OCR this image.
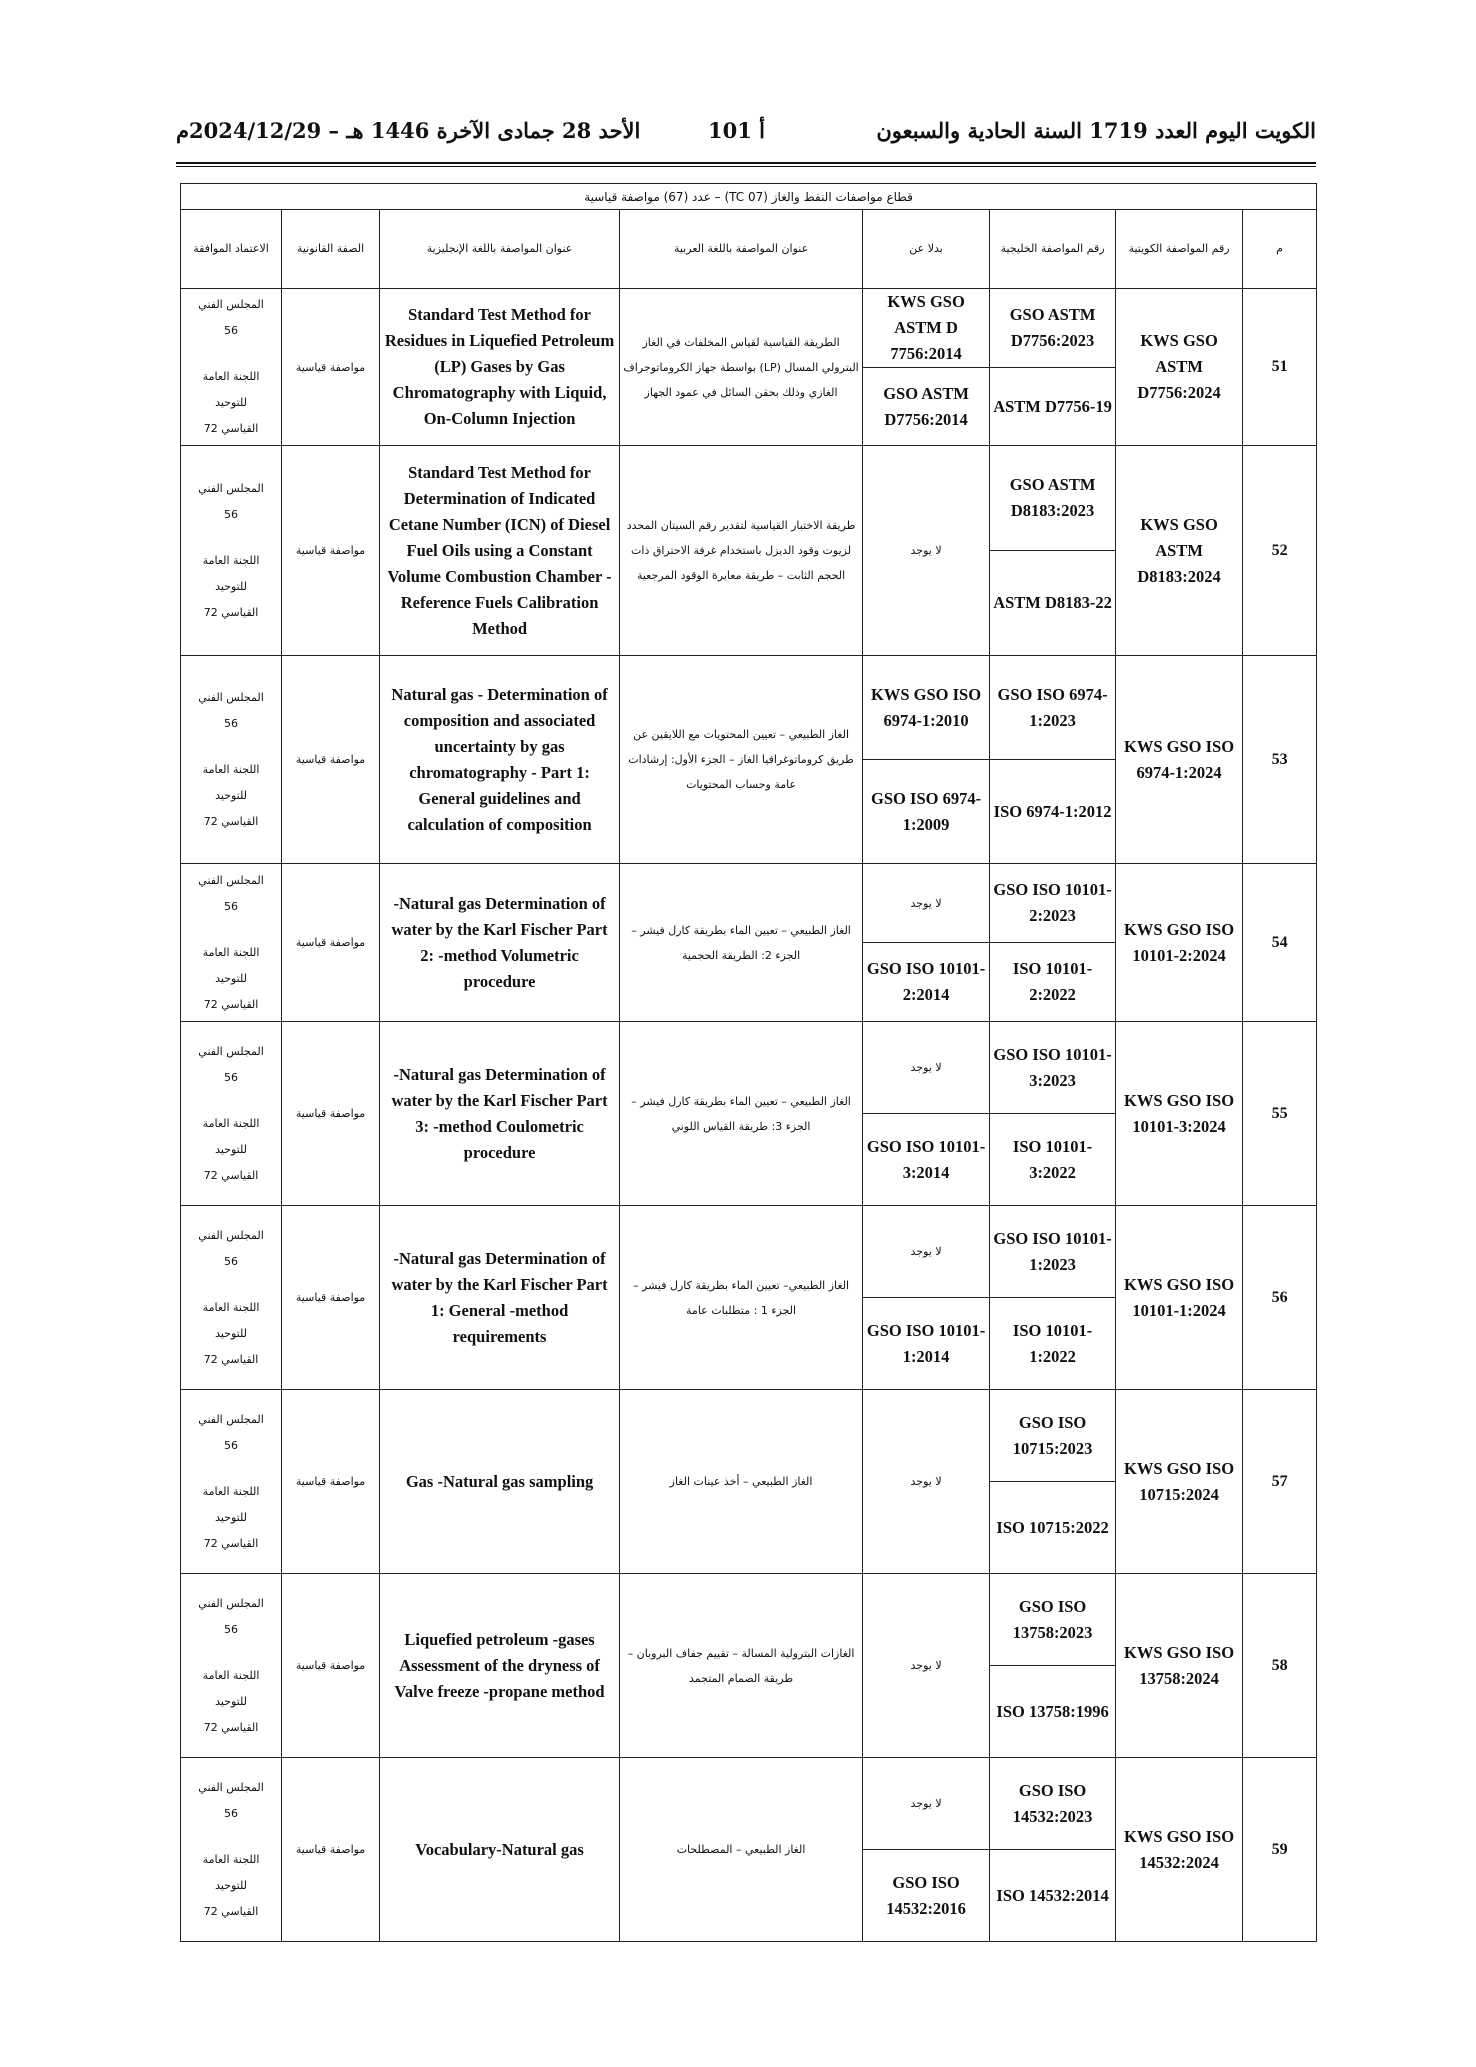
الكويت اليوم العدد 1719 السنة الحادية والسبعون
أ 101
الأحد 28 جمادى الآخرة 1446 هـ – 2024/12/29م
قطاع مواصفات النفط والغاز (TC 07) – عدد (67) مواصفة قياسية							
م	رقم المواصفة الكويتية	رقم المواصفة الخليجية	بدلا عن	عنوان المواصفة باللغة العربية	عنوان المواصفة باللغة الإنجليزية	الصفة القانونية	الاعتماد الموافقة
51	KWS GSO ASTM D7756:2024	GSO ASTM D7756:2023	KWS GSO ASTM D 7756:2014	الطريقة القياسية لقياس المخلفات في الغاز البترولي المسال (LP) بواسطة جهاز الكروماتوجراف الغازي وذلك بحقن السائل في عمود الجهاز	Standard Test Method for Residues in Liquefied Petroleum (LP) Gases by Gas Chromatography with Liquid, On-Column Injection	مواصفة قياسية	المجلس الفني
56
اللجنة العامة
للتوحيد
القياسي 72

		ASTM D7756-19	GSO ASTM D7756:2014				
52	KWS GSO ASTM D8183:2024	GSO ASTM D8183:2023	لا يوجد	طريقة الاختبار القياسية لتقدير رقم السيتان المحدد لزيوت وقود الديزل باستخدام غرفة الاحتراق ذات الحجم الثابت – طريقة معايرة الوقود المرجعية	Standard Test Method for Determination of Indicated Cetane Number (ICN) of Diesel Fuel Oils using a Constant Volume Combustion Chamber - Reference Fuels Calibration Method	مواصفة قياسية	المجلس الفني
56
اللجنة العامة
للتوحيد
القياسي 72

		ASTM D8183-22					
53	KWS GSO ISO 6974-1:2024	GSO ISO 6974-1:2023	KWS GSO ISO 6974-1:2010	الغاز الطبيعي – تعيين المحتويات مع اللايقين عن طريق كروماتوغرافيا الغاز – الجزء الأول: إرشادات عامة وحساب المحتويات	Natural gas - Determination of composition and associated uncertainty by gas chromatography - Part 1: General guidelines and calculation of composition	مواصفة قياسية	المجلس الفني
56
اللجنة العامة
للتوحيد
القياسي 72

		ISO 6974-1:2012	GSO ISO 6974-1:2009				
54	KWS GSO ISO 10101-2:2024	GSO ISO 10101-2:2023	لا يوجد	الغاز الطبيعي – تعيين الماء بطريقة كارل فيشر – الجزء 2: الطريقة الحجمية	-Natural gas Determination of water by the Karl Fischer Part 2: -method Volumetric procedure	مواصفة قياسية	المجلس الفني
56
اللجنة العامة
للتوحيد
القياسي 72

		ISO 10101-2:2022	GSO ISO 10101-2:2014				
55	KWS GSO ISO 10101-3:2024	GSO ISO 10101-3:2023	لا يوجد	الغاز الطبيعي – تعيين الماء بطريقة كارل فيشر – الجزء 3: طريقة القياس اللوني	-Natural gas Determination of water by the Karl Fischer Part 3: -method Coulometric procedure	مواصفة قياسية	المجلس الفني
56
اللجنة العامة
للتوحيد
القياسي 72

		ISO 10101-3:2022	GSO ISO 10101-3:2014				
56	KWS GSO ISO 10101-1:2024	GSO ISO 10101-1:2023	لا يوجد	الغاز الطبيعي– تعيين الماء بطريقة كارل فيشر – الجزء 1 : متطلبات عامة	-Natural gas Determination of water by the Karl Fischer Part 1: General -method requirements	مواصفة قياسية	المجلس الفني
56
اللجنة العامة
للتوحيد
القياسي 72

		ISO 10101-1:2022	GSO ISO 10101-1:2014				
57	KWS GSO ISO 10715:2024	GSO ISO 10715:2023	لا يوجد	الغاز الطبيعي – أخذ عينات الغاز	Gas -Natural gas sampling	مواصفة قياسية	المجلس الفني
56
اللجنة العامة
للتوحيد
القياسي 72

		ISO 10715:2022					
58	KWS GSO ISO 13758:2024	GSO ISO 13758:2023	لا يوجد	الغازات البترولية المسالة – تقييم جفاف البروبان – طريقة الصمام المتجمد	Liquefied petroleum -gases Assessment of the dryness of Valve freeze -propane method	مواصفة قياسية	المجلس الفني
56
اللجنة العامة
للتوحيد
القياسي 72

		ISO 13758:1996					
59	KWS GSO ISO 14532:2024	GSO ISO 14532:2023	لا يوجد	الغاز الطبيعي – المصطلحات	Vocabulary-Natural gas	مواصفة قياسية	المجلس الفني
56
اللجنة العامة
للتوحيد
القياسي 72

		ISO 14532:2014	GSO ISO 14532:2016				
